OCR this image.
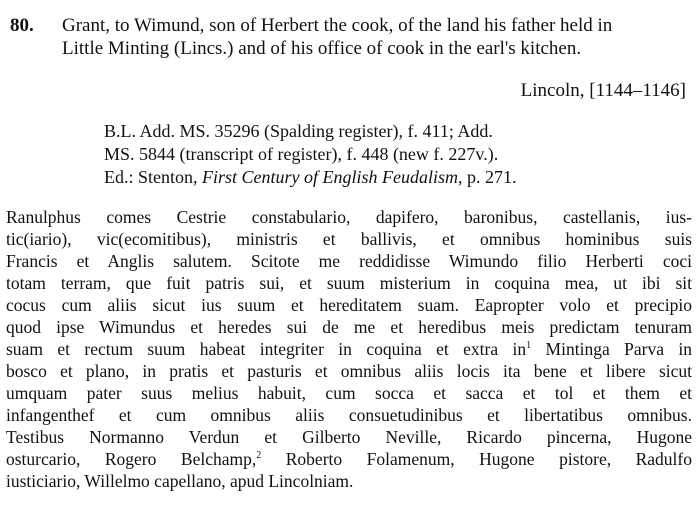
80. Grant, to Wimund, son of Herbert the cook, of the land his father held in
Little Minting (Lincs.) and of his office of cook in the earl's kitchen.
Lincoln, [1144–1146]
B.L. Add. MS. 35296 (Spalding register), f. 411; Add.
MS. 5844 (transcript of register), f. 448 (new f. 227v.).
Ed.: Stenton, First Century of English Feudalism, p. 271.
Ranulphus comes Cestrie constabulario, dapifero, baronibus, castellanis, ius-
tic(iario), vic(ecomitibus), ministris et ballivis, et omnibus hominibus suis
Francis et Anglis salutem. Scitote me reddidisse Wimundo filio Herberti coci
totam terram, que fuit patris sui, et suum misterium in coquina mea, ut ibi sit
cocus cum aliis sicut ius suum et hereditatem suam. Eapropter volo et precipio
quod ipse Wimundus et heredes sui de me et heredibus meis predictam tenuram
suam et rectum suum habeat integriter in coquina et extra $in^1$ Mintinga Parva in
bosco et plano, in pratis et pasturis et omnibus aliis locis ita bene et libere sicut
umquam pater suus melius habuit, cum socca et sacca et tol et them et
infangenthef et cum omnibus aliis consuetudinibus et libertatibus omnibus.
Testibus Normanno Verdun et Gilberto Neville, Ricardo pincerna, Hugone
osturcario, Rogero Belchamp,$^2$ Roberto Folamenum, Hugone pistore, Radulfo
iusticiario, Willelmo capellano, apud Lincolniam.
